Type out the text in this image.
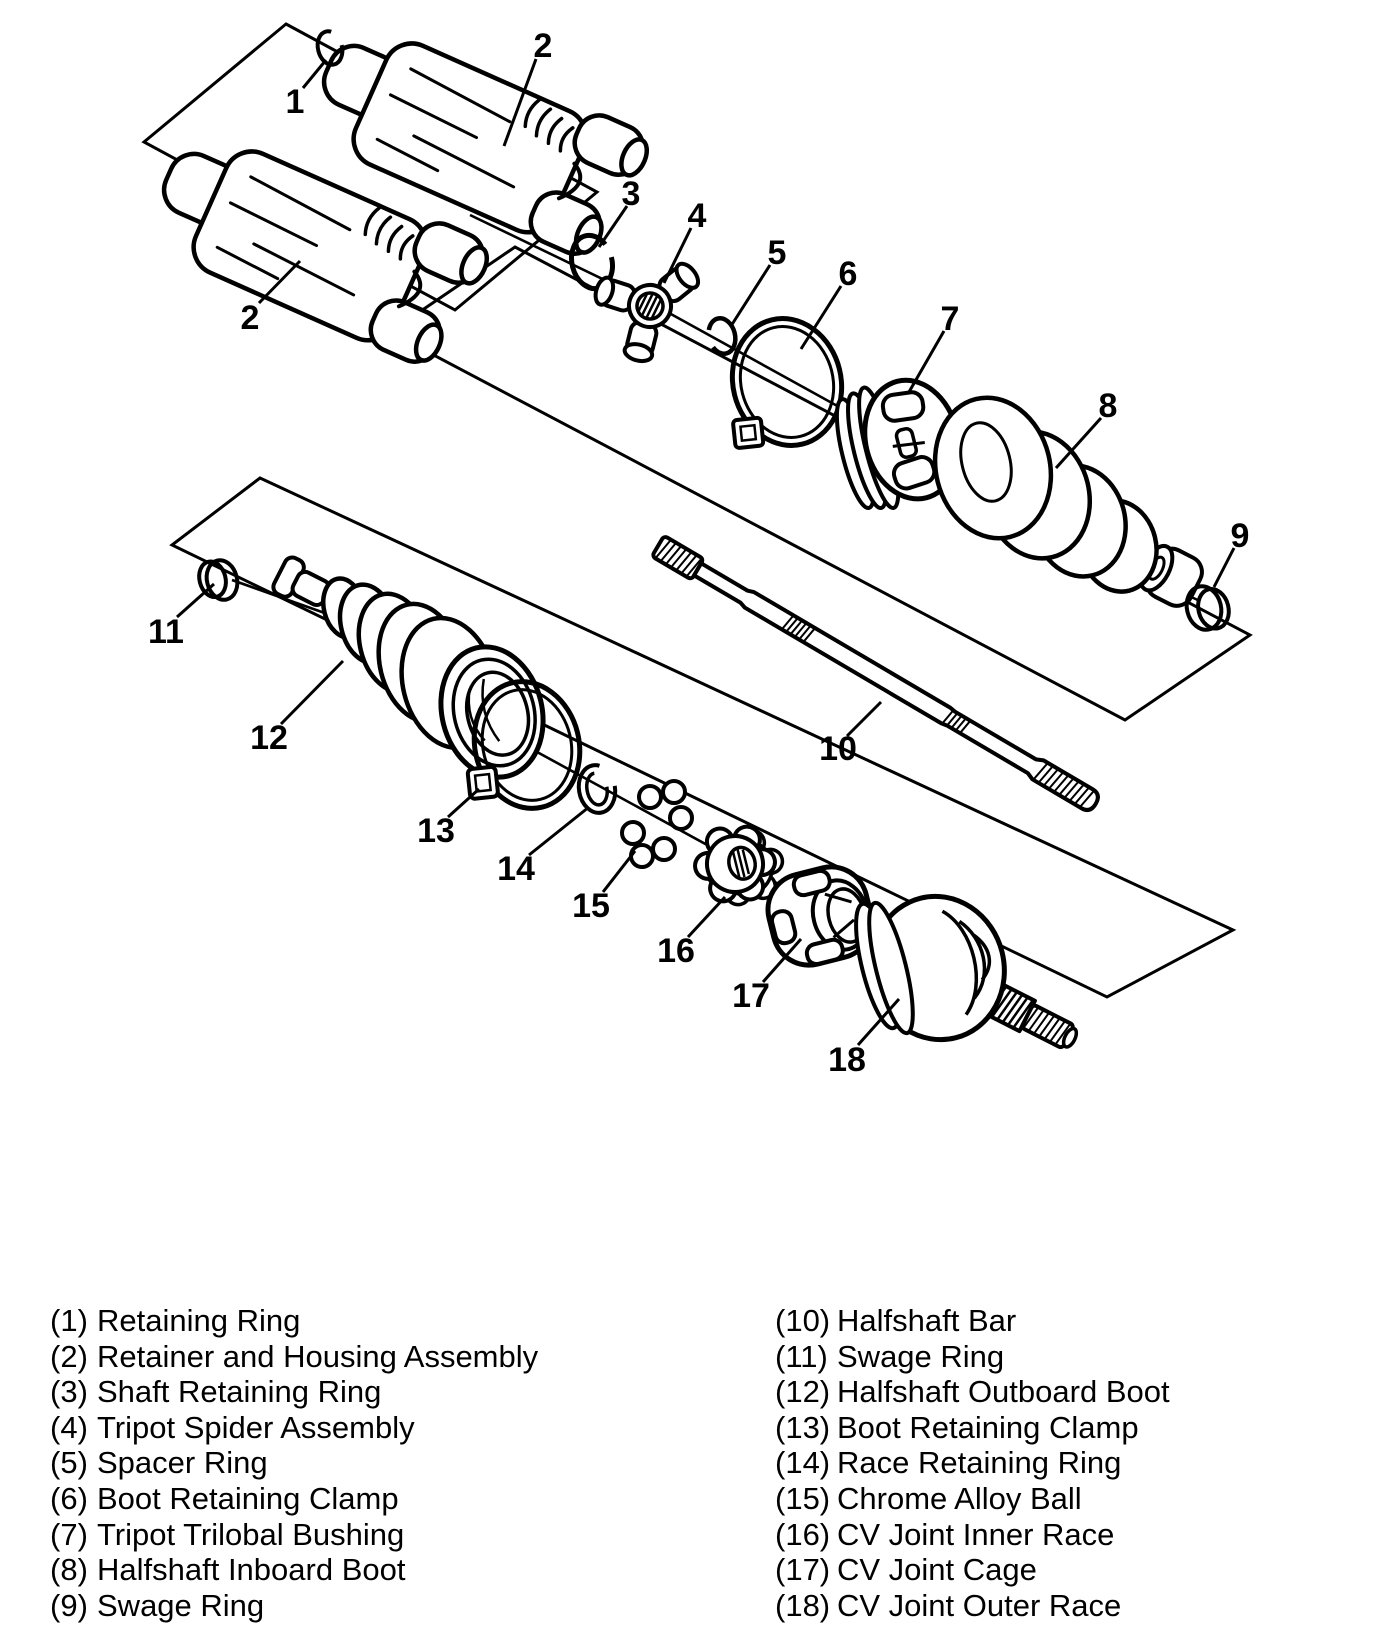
1
2
2
3
4
5
6
7
8
9
10
11
12
13
14
15
16
17
18
(1) Retaining Ring
(2) Retainer and Housing Assembly
(3) Shaft Retaining Ring
(4) Tripot Spider Assembly
(5) Spacer Ring
(6) Boot Retaining Clamp
(7) Tripot Trilobal Bushing
(8) Halfshaft Inboard Boot
(9) Swage Ring
(10) Halfshaft Bar
(11) Swage Ring
(12) Halfshaft Outboard Boot
(13) Boot Retaining Clamp
(14) Race Retaining Ring
(15) Chrome Alloy Ball
(16) CV Joint Inner Race
(17) CV Joint Cage
(18) CV Joint Outer Race
